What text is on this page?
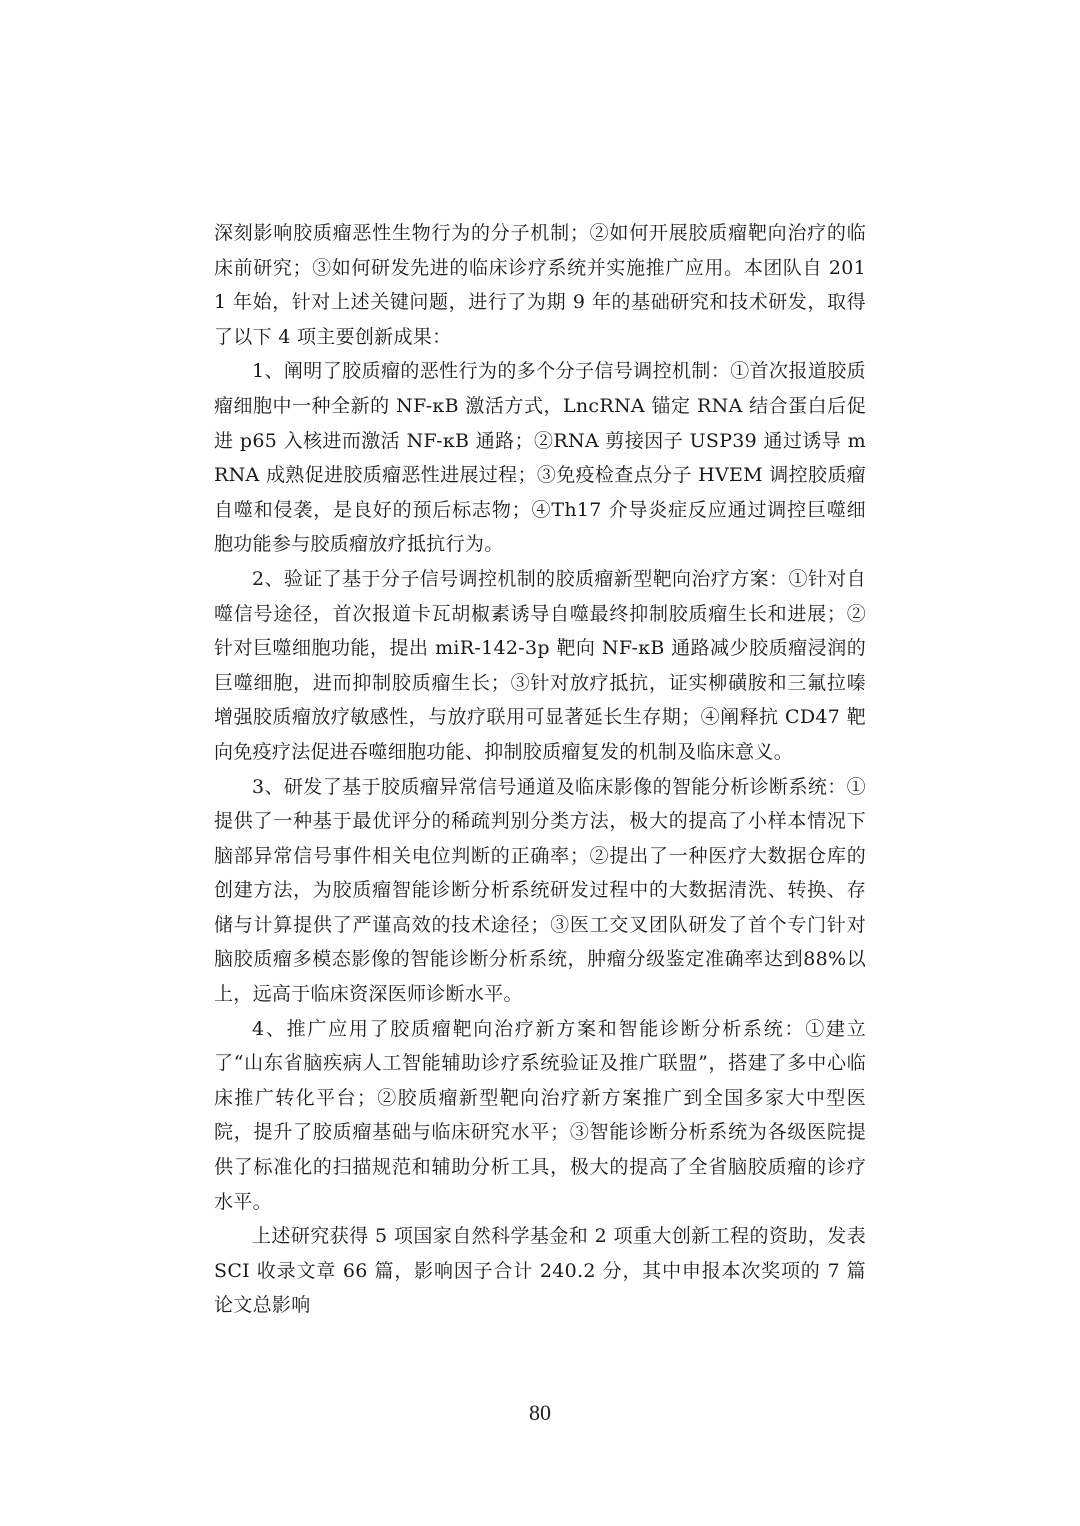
深刻影响胶质瘤恶性生物行为的分子机制；②如何开展胶质瘤靶向治疗的临床前研究；③如何研发先进的临床诊疗系统并实施推广应用。本团队自 2011 年始，针对上述关键问题，进行了为期 9 年的基础研究和技术研发，取得了以下 4 项主要创新成果：

1、阐明了胶质瘤的恶性行为的多个分子信号调控机制：①首次报道胶质瘤细胞中一种全新的 NF-κB 激活方式，LncRNA 锚定 RNA 结合蛋白后促进 p65 入核进而激活 NF-κB 通路；②RNA 剪接因子 USP39 通过诱导 mRNA 成熟促进胶质瘤恶性进展过程；③免疫检查点分子 HVEM 调控胶质瘤自噬和侵袭，是良好的预后标志物；④Th17 介导炎症反应通过调控巨噬细胞功能参与胶质瘤放疗抵抗行为。

2、验证了基于分子信号调控机制的胶质瘤新型靶向治疗方案：①针对自噬信号途径，首次报道卡瓦胡椒素诱导自噬最终抑制胶质瘤生长和进展；②针对巨噬细胞功能，提出 miR-142-3p 靶向 NF-κB 通路减少胶质瘤浸润的巨噬细胞，进而抑制胶质瘤生长；③针对放疗抵抗，证实柳磺胺和三氟拉嗪增强胶质瘤放疗敏感性，与放疗联用可显著延长生存期；④阐释抗 CD47 靶向免疫疗法促进吞噬细胞功能、抑制胶质瘤复发的机制及临床意义。

3、研发了基于胶质瘤异常信号通道及临床影像的智能分析诊断系统：①提供了一种基于最优评分的稀疏判别分类方法，极大的提高了小样本情况下脑部异常信号事件相关电位判断的正确率；②提出了一种医疗大数据仓库的创建方法，为胶质瘤智能诊断分析系统研发过程中的大数据清洗、转换、存储与计算提供了严谨高效的技术途径；③医工交叉团队研发了首个专门针对脑胶质瘤多模态影像的智能诊断分析系统，肿瘤分级鉴定准确率达到88%以上，远高于临床资深医师诊断水平。

4、推广应用了胶质瘤靶向治疗新方案和智能诊断分析系统：①建立了“山东省脑疾病人工智能辅助诊疗系统验证及推广联盟”，搭建了多中心临床推广转化平台；②胶质瘤新型靶向治疗新方案推广到全国多家大中型医院，提升了胶质瘤基础与临床研究水平；③智能诊断分析系统为各级医院提供了标准化的扫描规范和辅助分析工具，极大的提高了全省脑胶质瘤的诊疗水平。

上述研究获得 5 项国家自然科学基金和 2 项重大创新工程的资助，发表 SCI 收录文章 66 篇，影响因子合计 240.2 分，其中申报本次奖项的 7 篇论文总影响

80
